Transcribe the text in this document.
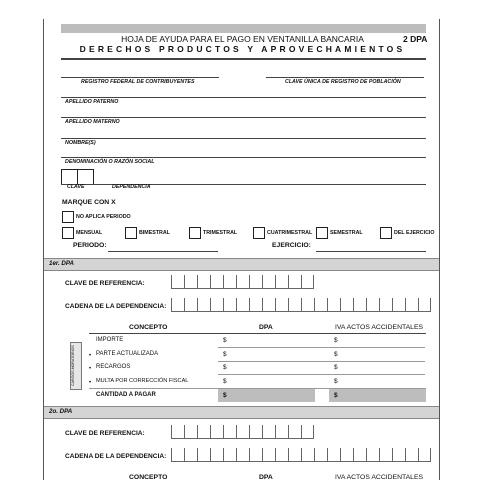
HOJA DE AYUDA PARA EL PAGO EN VENTANILLA BANCARIA
DERECHOS PRODUCTOS Y APROVECHAMIENTOS
2 DPA
REGISTRO FEDERAL DE CONTRIBUYENTES	CLAVE ÚNICA DE REGISTRO DE POBLACIÓN
APELLIDO PATERNO
APELLIDO MATERNO
NOMBRE(S)
DENOMINACIÓN O RAZÓN SOCIAL
CLAVE	DEPENDENCIA
MARQUE CON X
NO APLICA PERIODO
MENSUAL	BIMESTRAL	TRIMESTRAL	CUATRIMESTRAL	SEMESTRAL	DEL EJERCICIO
PERIODO:	EJERCICIO:
1er. DPA
CLAVE DE REFERENCIA:
CADENA DE LA DEPENDENCIA:
CONCEPTO	DPA	IVA ACTOS ACCIDENTALES
CARGOS MORATORIOS
IMPORTE	$	$
• PARTE ACTUALIZADA	$	$
• RECARGOS	$	$
• MULTA POR CORRECCIÓN FISCAL	$	$
CANTIDAD A PAGAR	$	$
2o. DPA
CLAVE DE REFERENCIA:
CADENA DE LA DEPENDENCIA:
CONCEPTO	DPA	IVA ACTOS ACCIDENTALES
